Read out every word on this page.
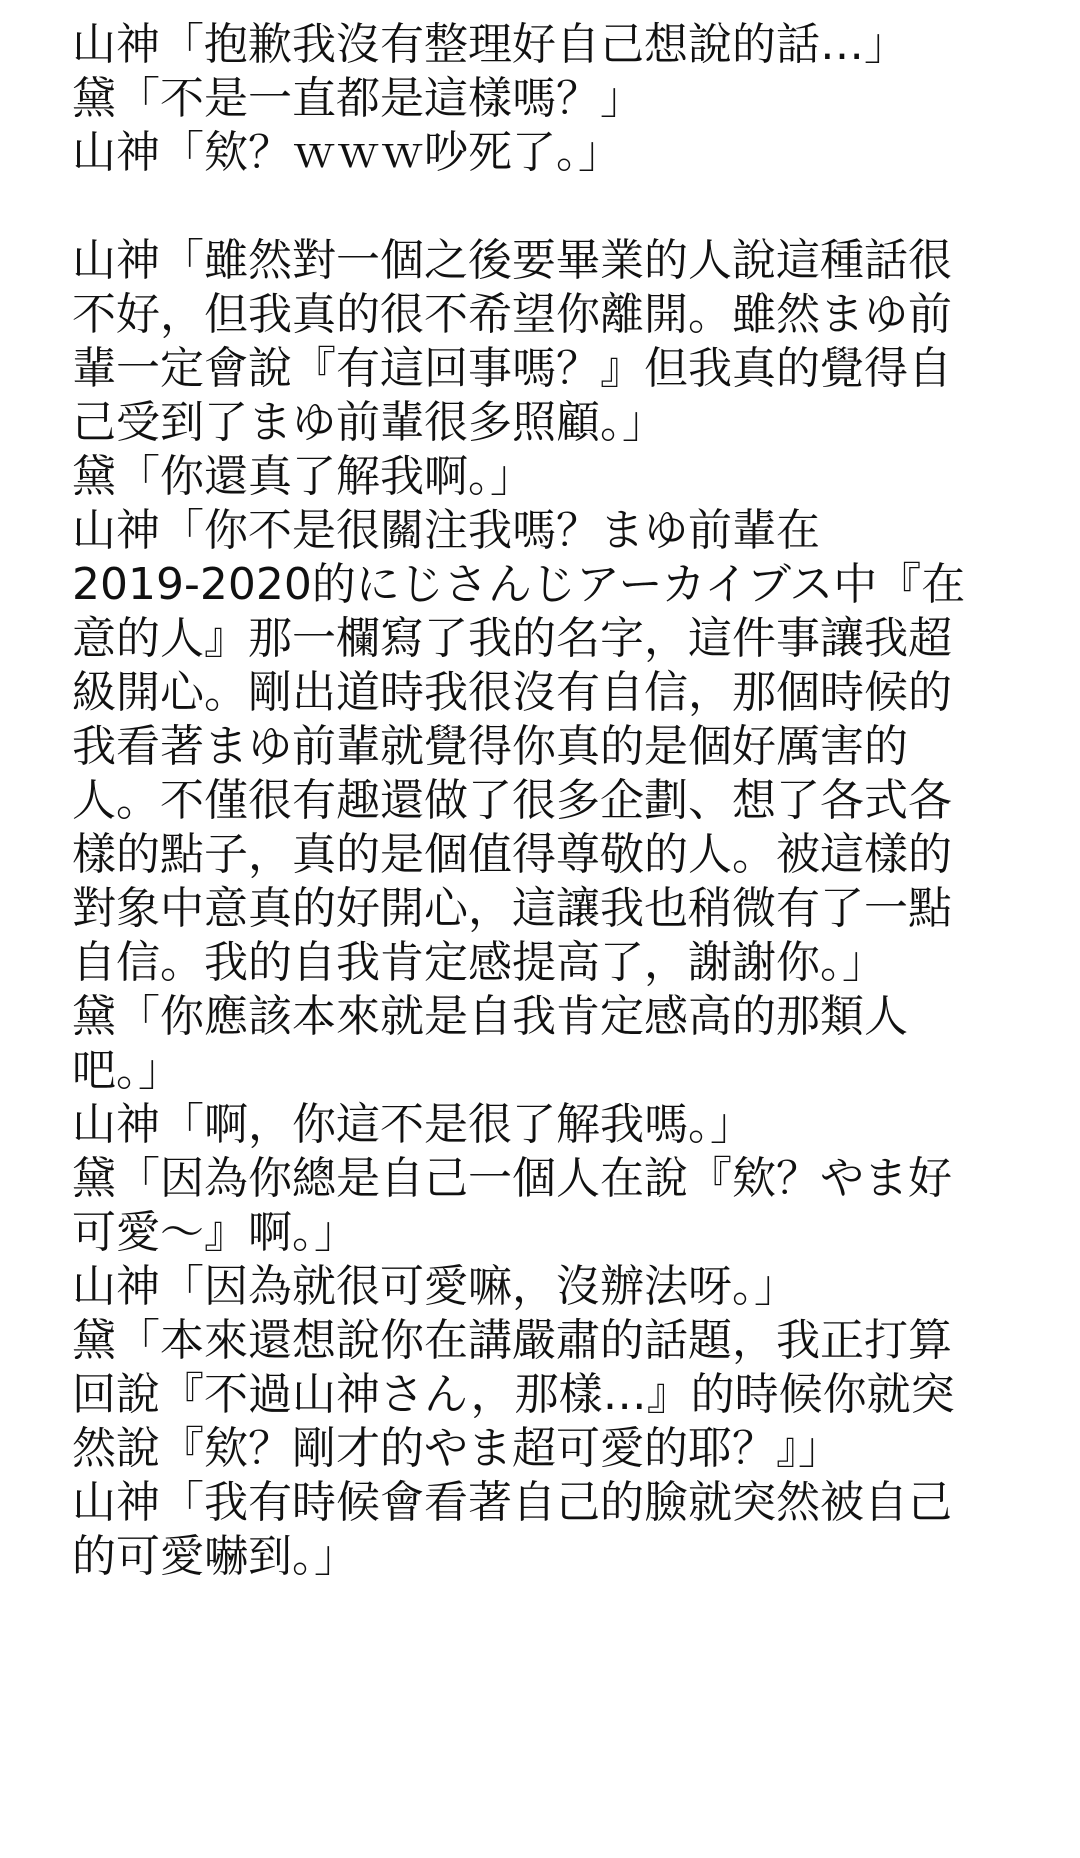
山神「抱歉我沒有整理好自己想說的話…」
黛「不是一直都是這樣嗎？」
山神「欸？ｗｗｗ吵死了。」
山神「雖然對一個之後要畢業的人說這種話很
不好，但我真的很不希望你離開。雖然まゆ前
輩一定會說『有這回事嗎？』但我真的覺得自
己受到了まゆ前輩很多照顧。」
黛「你還真了解我啊。」
山神「你不是很關注我嗎？まゆ前輩在
2019-2020的にじさんじアーカイブス中『在
意的人』那一欄寫了我的名字，這件事讓我超
級開心。剛出道時我很沒有自信，那個時候的
我看著まゆ前輩就覺得你真的是個好厲害的
人。不僅很有趣還做了很多企劃、想了各式各
樣的點子，真的是個值得尊敬的人。被這樣的
對象中意真的好開心，這讓我也稍微有了一點
自信。我的自我肯定感提高了，謝謝你。」
黛「你應該本來就是自我肯定感高的那類人
吧。」
山神「啊，你這不是很了解我嗎。」
黛「因為你總是自己一個人在說『欸？やま好
可愛～』啊。」
山神「因為就很可愛嘛，沒辦法呀。」
黛「本來還想說你在講嚴肅的話題，我正打算
回說『不過山神さん，那樣…』的時候你就突
然說『欸？剛才的やま超可愛的耶？』」
山神「我有時候會看著自己的臉就突然被自己
的可愛嚇到。」
